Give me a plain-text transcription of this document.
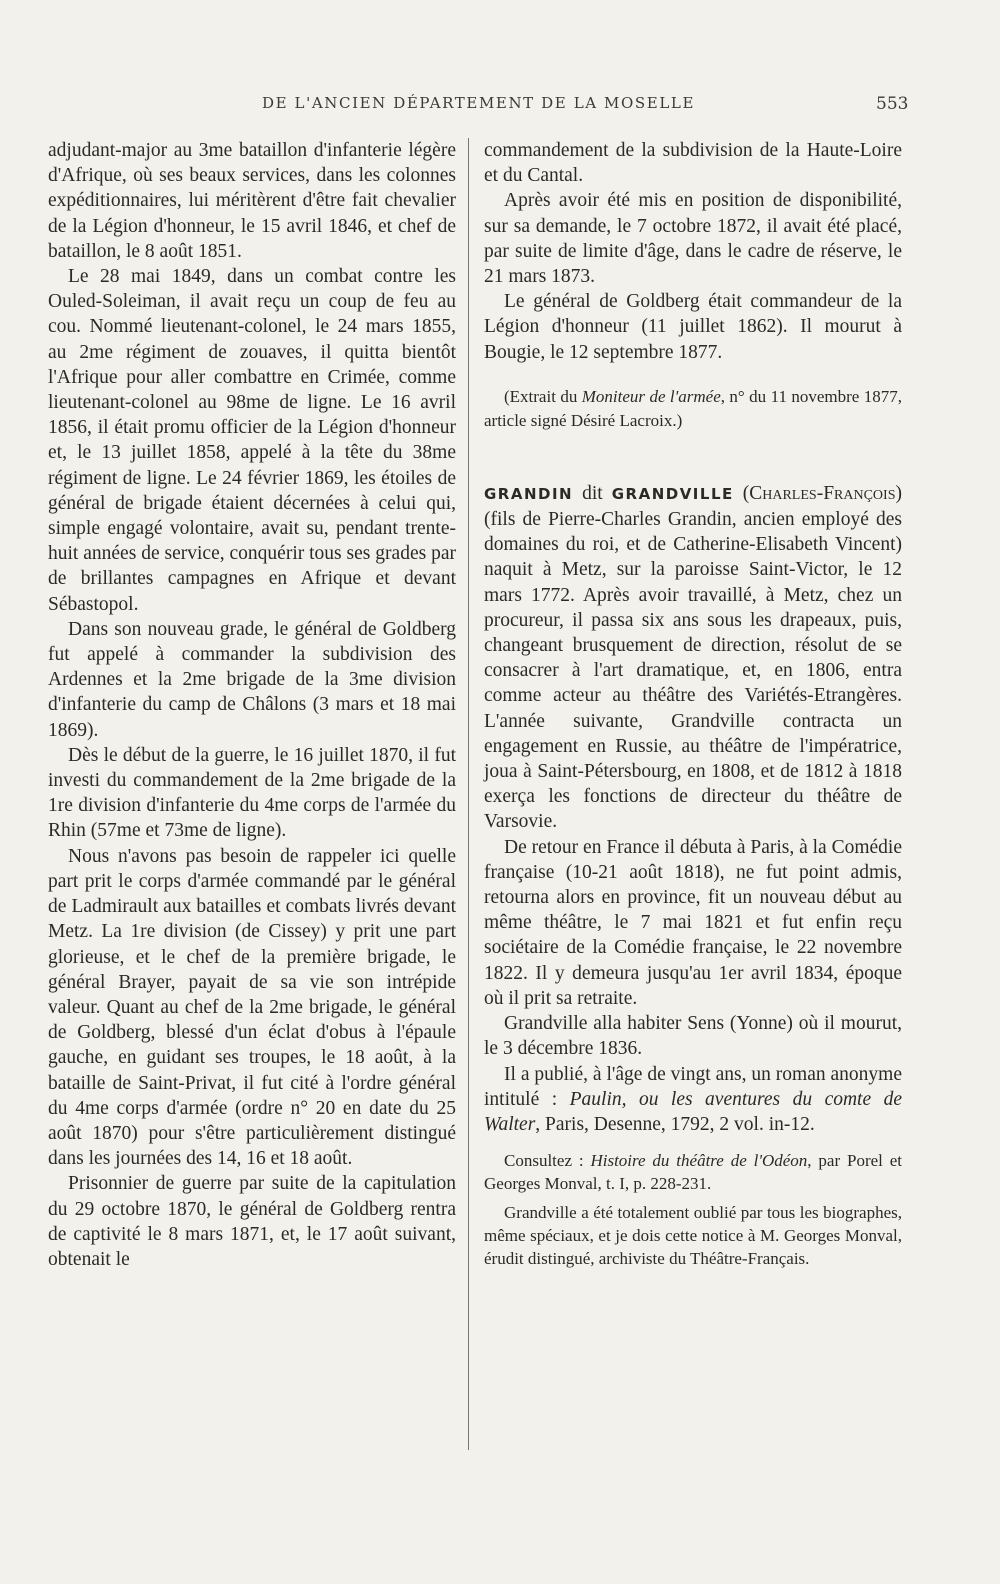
DE L'ANCIEN DÉPARTEMENT DE LA MOSELLE	553

adjudant-major au 3me bataillon d'infanterie légère d'Afrique, où ses beaux services, dans les colonnes expéditionnaires, lui méritèrent d'être fait chevalier de la Légion d'honneur, le 15 avril 1846, et chef de bataillon, le 8 août 1851.

Le 28 mai 1849, dans un combat contre les Ouled-Soleiman, il avait reçu un coup de feu au cou. Nommé lieutenant-colonel, le 24 mars 1855, au 2me régiment de zouaves, il quitta bientôt l'Afrique pour aller combattre en Crimée, comme lieutenant-colonel au 98me de ligne. Le 16 avril 1856, il était promu officier de la Légion d'honneur et, le 13 juillet 1858, appelé à la tête du 38me régiment de ligne. Le 24 février 1869, les étoiles de général de brigade étaient décernées à celui qui, simple engagé volontaire, avait su, pendant trente-huit années de service, conquérir tous ses grades par de brillantes campagnes en Afrique et devant Sébastopol.

Dans son nouveau grade, le général de Goldberg fut appelé à commander la subdivision des Ardennes et la 2me brigade de la 3me division d'infanterie du camp de Châlons (3 mars et 18 mai 1869).

Dès le début de la guerre, le 16 juillet 1870, il fut investi du commandement de la 2me brigade de la 1re division d'infanterie du 4me corps de l'armée du Rhin (57me et 73me de ligne).

Nous n'avons pas besoin de rappeler ici quelle part prit le corps d'armée commandé par le général de Ladmirault aux batailles et combats livrés devant Metz. La 1re division (de Cissey) y prit une part glorieuse, et le chef de la première brigade, le général Brayer, payait de sa vie son intrépide valeur. Quant au chef de la 2me brigade, le général de Goldberg, blessé d'un éclat d'obus à l'épaule gauche, en guidant ses troupes, le 18 août, à la bataille de Saint-Privat, il fut cité à l'ordre général du 4me corps d'armée (ordre n° 20 en date du 25 août 1870) pour s'être particulièrement distingué dans les journées des 14, 16 et 18 août.

Prisonnier de guerre par suite de la capitulation du 29 octobre 1870, le général de Goldberg rentra de captivité le 8 mars 1871, et, le 17 août suivant, obtenait le

commandement de la subdivision de la Haute-Loire et du Cantal.

Après avoir été mis en position de disponibilité, sur sa demande, le 7 octobre 1872, il avait été placé, par suite de limite d'âge, dans le cadre de réserve, le 21 mars 1873.

Le général de Goldberg était commandeur de la Légion d'honneur (11 juillet 1862). Il mourut à Bougie, le 12 septembre 1877.

(Extrait du Moniteur de l'armée, n° du 11 novembre 1877, article signé Désiré Lacroix.)

GRANDIN dit GRANDVILLE (Charles-François) (fils de Pierre-Charles Grandin, ancien employé des domaines du roi, et de Catherine-Elisabeth Vincent) naquit à Metz, sur la paroisse Saint-Victor, le 12 mars 1772. Après avoir travaillé, à Metz, chez un procureur, il passa six ans sous les drapeaux, puis, changeant brusquement de direction, résolut de se consacrer à l'art dramatique, et, en 1806, entra comme acteur au théâtre des Variétés-Etrangères. L'année suivante, Grandville contracta un engagement en Russie, au théâtre de l'impératrice, joua à Saint-Pétersbourg, en 1808, et de 1812 à 1818 exerça les fonctions de directeur du théâtre de Varsovie.

De retour en France il débuta à Paris, à la Comédie française (10-21 août 1818), ne fut point admis, retourna alors en province, fit un nouveau début au même théâtre, le 7 mai 1821 et fut enfin reçu sociétaire de la Comédie française, le 22 novembre 1822. Il y demeura jusqu'au 1er avril 1834, époque où il prit sa retraite.

Grandville alla habiter Sens (Yonne) où il mourut, le 3 décembre 1836.

Il a publié, à l'âge de vingt ans, un roman anonyme intitulé : Paulin, ou les aventures du comte de Walter, Paris, Desenne, 1792, 2 vol. in-12.

Consultez : Histoire du théâtre de l'Odéon, par Porel et Georges Monval, t. I, p. 228-231.

Grandville a été totalement oublié par tous les biographes, même spéciaux, et je dois cette notice à M. Georges Monval, érudit distingué, archiviste du Théâtre-Français.
